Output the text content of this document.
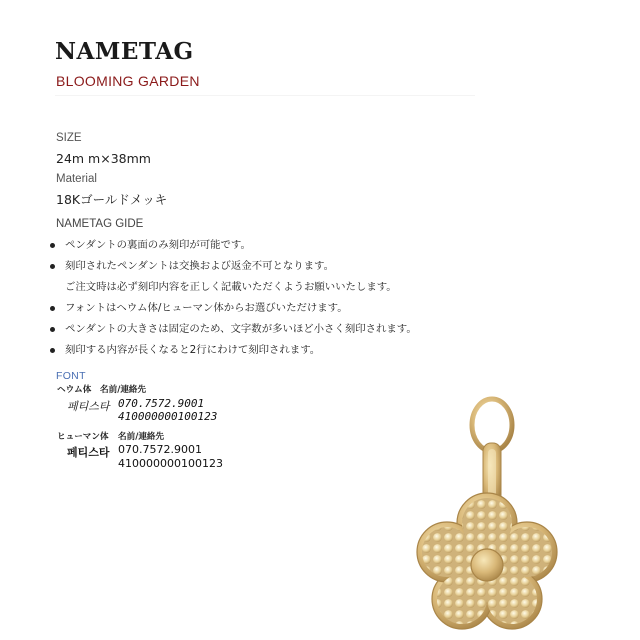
NAMETAG
BLOOMING GARDEN
SIZE
24m m×38mm
Material
18Kゴールドメッキ
NAMETAG GIDE
ペンダントの裏面のみ刻印が可能です。
刻印されたペンダントは交換および返金不可となります。
ご注文時は必ず刻印内容を正しく記載いただくようお願いいたします。
フォントはヘウム体/ヒューマン体からお選びいただけます。
ペンダントの大きさは固定のため、文字数が多いほど小さく刻印されます。
刻印する内容が長くなると2行にわけて刻印されます。
FONT
ヘウム体 名前/連絡先
페티스타 070.7572.9001
410000000100123
ヒューマン体 名前/連絡先
페티스타 070.7572.9001
410000000100123
